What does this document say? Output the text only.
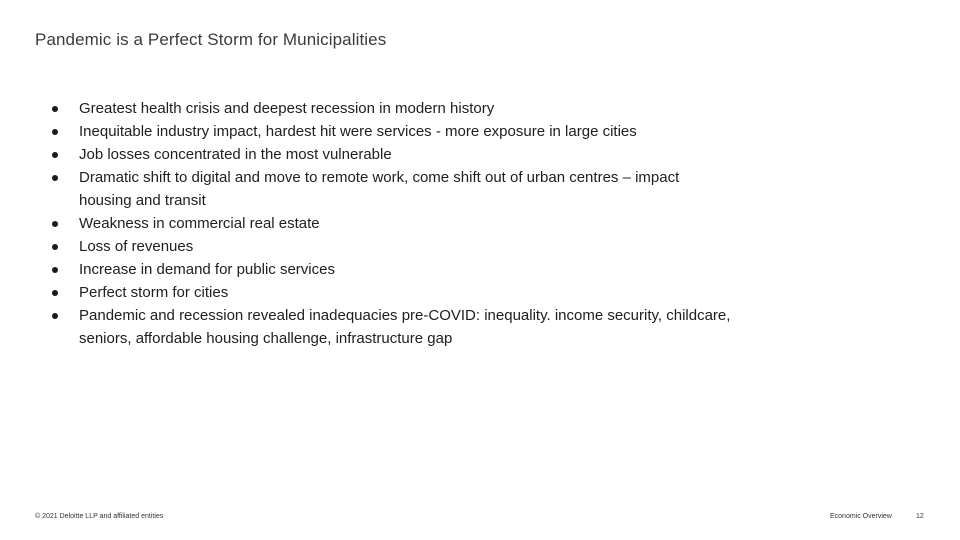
Pandemic is a Perfect Storm for Municipalities
Greatest health crisis and deepest recession in modern history
Inequitable industry impact, hardest hit were services - more exposure in large cities
Job losses concentrated in the most vulnerable
Dramatic shift to digital and move to remote work, come shift out of urban centres – impact housing and transit
Weakness in commercial real estate
Loss of revenues
Increase in demand for public services
Perfect storm for cities
Pandemic and recession revealed inadequacies pre-COVID: inequality. income security, childcare, seniors, affordable housing challenge, infrastructure gap
© 2021 Deloitte LLP and affiliated entities	Economic Overview	12
